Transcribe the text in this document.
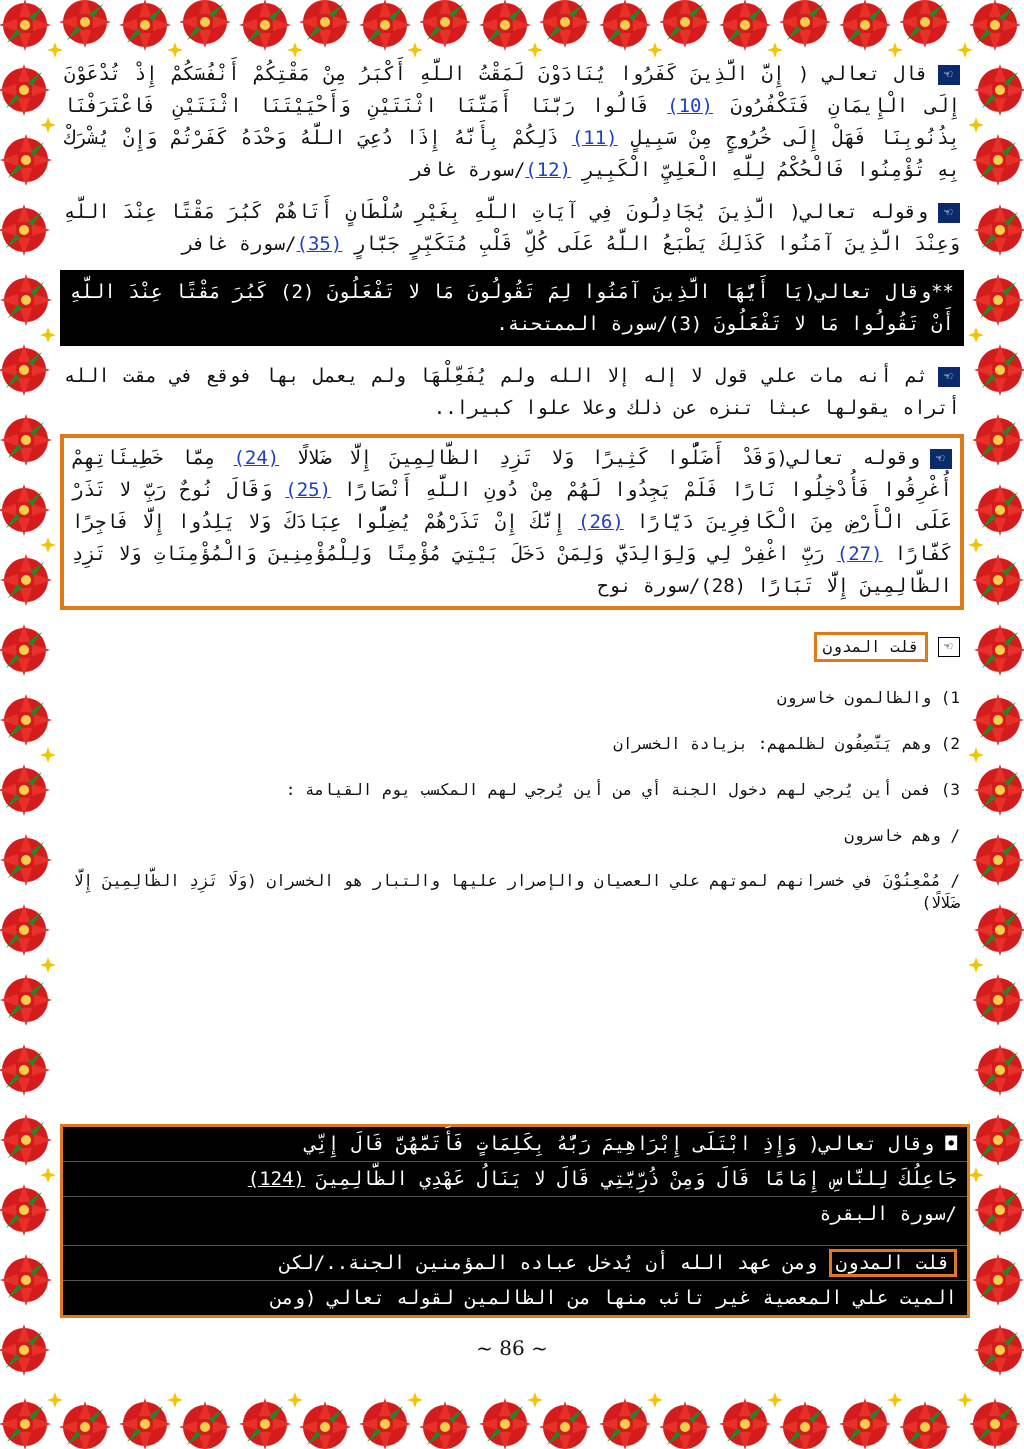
☜قال تعالي ( إِنَّ الَّذِينَ كَفَرُوا يُنَادَوْنَ لَمَقْتُ اللَّهِ أَكْبَرُ مِنْ مَقْتِكُمْ أَنْفُسَكُمْ إِذْ تُدْعَوْنَ إِلَى الْإِيمَانِ فَتَكْفُرُونَ (10) قَالُوا رَبَّنَا أَمَتَّنَا اثْنَتَيْنِ وَأَحْيَيْتَنَا اثْنَتَيْنِ فَاعْتَرَفْنَا بِذُنُوبِنَا فَهَلْ إِلَى خُرُوجٍ مِنْ سَبِيلٍ (11) ذَلِكُمْ بِأَنَّهُ إِذَا دُعِيَ اللَّهُ وَحْدَهُ كَفَرْتُمْ وَإِنْ يُشْرَكْ بِهِ تُؤْمِنُوا فَالْحُكْمُ لِلَّهِ الْعَلِيِّ الْكَبِيرِ (12)/سورة غافر

☜وقوله تعالي( الَّذِينَ يُجَادِلُونَ فِي آيَاتِ اللَّهِ بِغَيْرِ سُلْطَانٍ أَتَاهُمْ كَبُرَ مَقْتًا عِنْدَ اللَّهِ وَعِنْدَ الَّذِينَ آمَنُوا كَذَلِكَ يَطْبَعُ اللَّهُ عَلَى كُلِّ قَلْبِ مُتَكَبِّرٍ جَبَّارٍ (35)/سورة غافر

**وقال تعالي(يَا أَيُّهَا الَّذِينَ آمَنُوا لِمَ تَقُولُونَ مَا لا تَفْعَلُونَ (2) كَبُرَ مَقْتًا عِنْدَ اللَّهِ أَنْ تَقُولُوا مَا لا تَفْعَلُونَ (3)/سورة الممتحنة.

☜ثم أنه مات علي قول لا إله إلا الله ولم يُفَعِّلْهَا ولم يعمل بها فوقع في مقت الله أتراه يقولها عبثا تنزه عن ذلك وعلا علوا كبيرا..

☜وقوله تعالي(وَقَدْ أَضَلُّوا كَثِيرًا وَلا تَزِدِ الظَّالِمِينَ إِلَّا ضَلالًا (24) مِمَّا خَطِيئَاتِهِمْ أُغْرِقُوا فَأُدْخِلُوا نَارًا فَلَمْ يَجِدُوا لَهُمْ مِنْ دُونِ اللَّهِ أَنْصَارًا (25) وَقَالَ نُوحٌ رَبِّ لا تَذَرْ عَلَى الْأَرْضِ مِنَ الْكَافِرِينَ دَيَّارًا (26) إِنَّكَ إِنْ تَذَرْهُمْ يُضِلُّوا عِبَادَكَ وَلا يَلِدُوا إِلَّا فَاجِرًا كَفَّارًا (27) رَبِّ اغْفِرْ لِي وَلِوَالِدَيَّ وَلِمَنْ دَخَلَ بَيْتِيَ مُؤْمِنًا وَلِلْمُؤْمِنِينَ وَالْمُؤْمِنَاتِ وَلا تَزِدِ الظَّالِمِينَ إِلَّا تَبَارًا (28)/سورة نوح

☜قلت المدون

1) والظالمون خاسرون

2) وهم يَتَّصِفُون لظلمهم: بزيادة الخسران

3) فمن أين يُرجي لهم دخول الجنة أي من أين يُرجي لهم المكسب يوم القيامة :

/ وهم خاسرون

/ مُمْعِنُوْنَ في خسرانهم لموتهم علي العصيان والإصرار عليها والتبار هو الخسران (وَلَا تَزِدِ الظَّالِمِينَ إِلَّا ضَلَالًا)

◘ وقال تعالي( وَإِذِ ابْتَلَى إِبْرَاهِيمَ رَبُّهُ بِكَلِمَاتٍ فَأَتَمَّهُنَّ قَالَ إِنِّي
جَاعِلُكَ لِلنَّاسِ إِمَامًا قَالَ وَمِنْ ذُرِّيَّتِي قَالَ لا يَنَالُ عَهْدِي الظَّالِمِينَ (124)
/سورة البقرة
قلت المدون ومن عهد الله أن يُدخل عباده المؤمنين الجنة../لكن
الميت علي المعصية غير تائب منها من الظالمين لقوله تعالي (ومن
~ 86 ~
